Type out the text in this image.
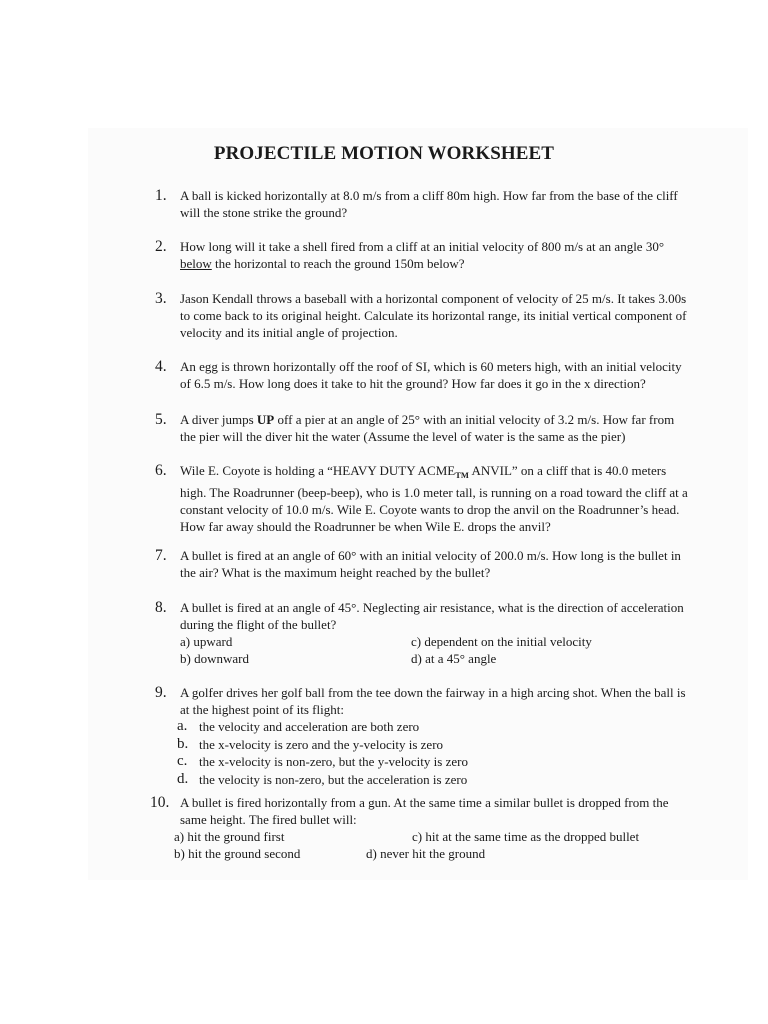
PROJECTILE MOTION WORKSHEET
1. A ball is kicked horizontally at 8.0 m/s from a cliff 80m high. How far from the base of the cliff

will the stone strike the ground?

2. How long will it take a shell fired from a cliff at an initial velocity of 800 m/s at an angle 30°

below the horizontal to reach the ground 150m below?

3. Jason Kendall throws a baseball with a horizontal component of velocity of 25 m/s. It takes 3.00s

to come back to its original height. Calculate its horizontal range, its initial vertical component of

velocity and its initial angle of projection.

4. An egg is thrown horizontally off the roof of SI, which is 60 meters high, with an initial velocity

of 6.5 m/s. How long does it take to hit the ground? How far does it go in the x direction?

5. A diver jumps UP off a pier at an angle of 25° with an initial velocity of 3.2 m/s. How far from

the pier will the diver hit the water (Assume the level of water is the same as the pier)

6. Wile E. Coyote is holding a “HEAVY DUTY $ACME_{TM}$ ANVIL” on a cliff that is 40.0 meters

high. The Roadrunner (beep-beep), who is 1.0 meter tall, is running on a road toward the cliff at a

constant velocity of 10.0 m/s. Wile E. Coyote wants to drop the anvil on the Roadrunner’s head.

How far away should the Roadrunner be when Wile E. drops the anvil?

7. A bullet is fired at an angle of 60° with an initial velocity of 200.0 m/s. How long is the bullet in

the air? What is the maximum height reached by the bullet?

8. A bullet is fired at an angle of 45°. Neglecting air resistance, what is the direction of acceleration

during the flight of the bullet?

a) upward
b) downward
c) dependent on the initial velocity
d) at a 45° angle
9. A golfer drives her golf ball from the tee down the fairway in a high arcing shot. When the ball is

at the highest point of its flight:

a. the velocity and acceleration are both zero
b. the x-velocity is zero and the y-velocity is zero
c. the x-velocity is non-zero, but the y-velocity is zero
d. the velocity is non-zero, but the acceleration is zero
10. A bullet is fired horizontally from a gun. At the same time a similar bullet is dropped from the

same height. The fired bullet will:

a) hit the ground first
b) hit the ground second
c) hit at the same time as the dropped bullet
d) never hit the ground
